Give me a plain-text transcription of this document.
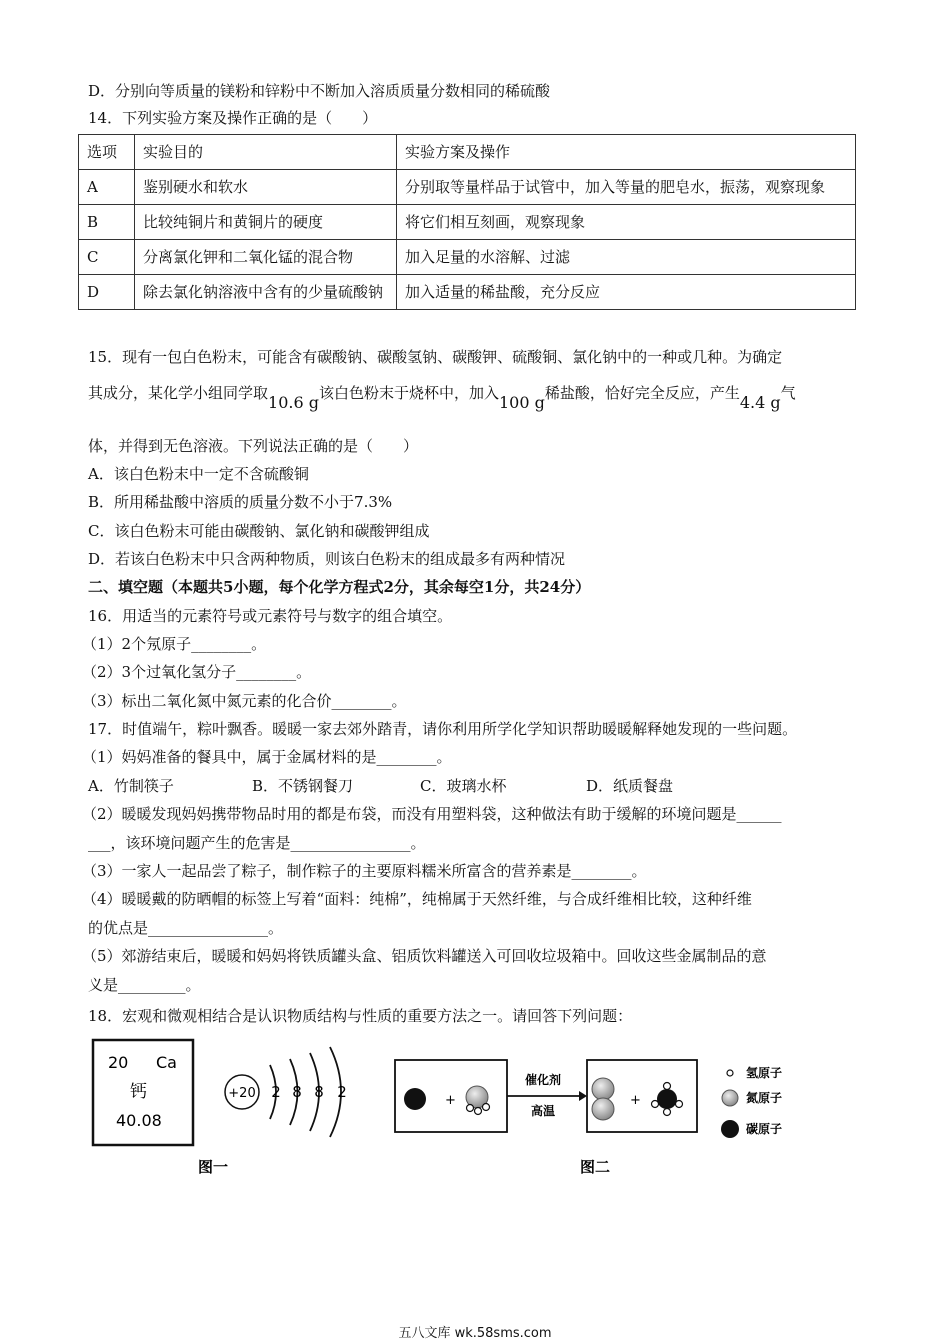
D．分别向等质量的镁粉和锌粉中不断加入溶质质量分数相同的稀硫酸
14．下列实验方案及操作正确的是（　　）
选项	实验目的	实验方案及操作
A	鉴别硬水和软水	分别取等量样品于试管中，加入等量的肥皂水，振荡，观察现象
B	比较纯铜片和黄铜片的硬度	将它们相互刻画，观察现象
C	分离氯化钾和二氧化锰的混合物	加入足量的水溶解、过滤
D	除去氯化钠溶液中含有的少量硫酸钠	加入适量的稀盐酸，充分反应
15．现有一包白色粉末，可能含有碳酸钠、碳酸氢钠、碳酸钾、硫酸铜、氯化钠中的一种或几种。为确定
其成分，某化学小组同学取10.6 g该白色粉末于烧杯中，加入100 g稀盐酸，恰好完全反应，产生4.4 g气
体，并得到无色溶液。下列说法正确的是（　　）
A．该白色粉末中一定不含硫酸铜
B．所用稀盐酸中溶质的质量分数不小于7.3%
C．该白色粉末可能由碳酸钠、氯化钠和碳酸钾组成
D．若该白色粉末中只含两种物质，则该白色粉末的组成最多有两种情况
二、填空题（本题共5小题，每个化学方程式2分，其余每空1分，共24分）
16．用适当的元素符号或元素符号与数字的组合填空。
（1）2个氖原子________。
（2）3个过氧化氢分子________。
（3）标出二氧化氮中氮元素的化合价________。
17．时值端午，粽叶飘香。暖暖一家去郊外踏青，请你利用所学化学知识帮助暖暖解释她发现的一些问题。
（1）妈妈准备的餐具中，属于金属材料的是________。
A．竹制筷子	B．不锈钢餐刀	C．玻璃水杯	D．纸质餐盘
（2）暖暖发现妈妈携带物品时用的都是布袋，而没有用塑料袋，这种做法有助于缓解的环境问题是______
___，该环境问题产生的危害是________________。
（3）一家人一起品尝了粽子，制作粽子的主要原料糯米所富含的营养素是________。
（4）暖暖戴的防晒帽的标签上写着“面料：纯棉”，纯棉属于天然纤维，与合成纤维相比较，这种纤维
的优点是________________。
（5）郊游结束后，暖暖和妈妈将铁质罐头盒、铝质饮料罐送入可回收垃圾箱中。回收这些金属制品的意
义是_________。
18．宏观和微观相结合是认识物质结构与性质的重要方法之一。请回答下列问题：
20 Ca
钙
40.08
+20 2 8 8 2
图一
+
催化剂
高温
+
氢原子
氮原子
碳原子
图二
五八文库 wk.58sms.com
